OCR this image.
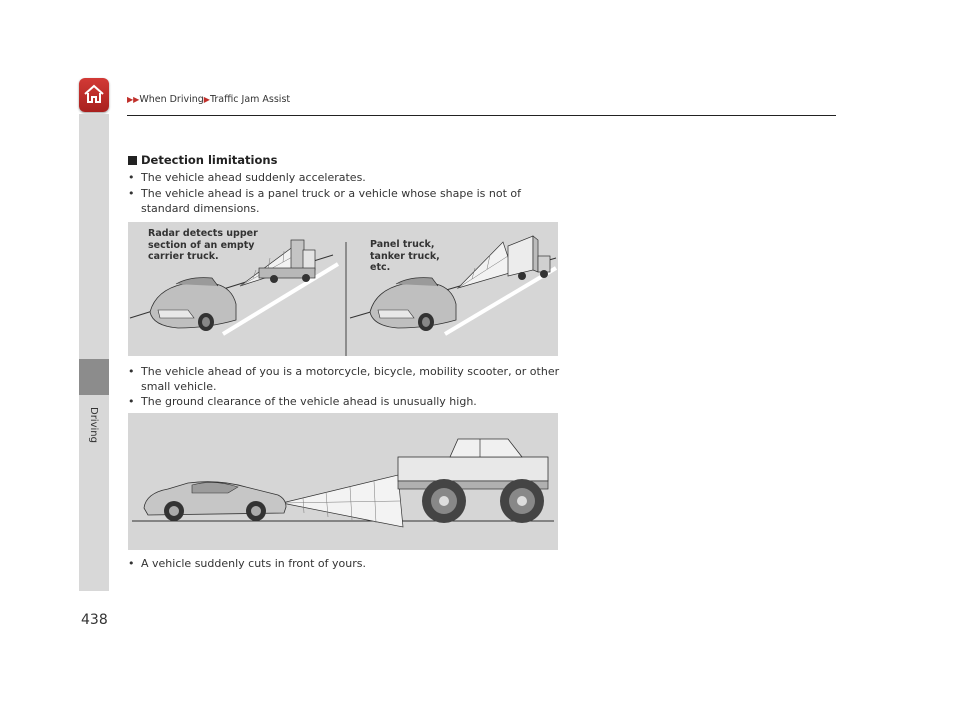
▶▶When Driving▶Traffic Jam Assist
Driving
438
Detection limitations
• The vehicle ahead suddenly accelerates.
• The vehicle ahead is a panel truck or a vehicle whose shape is not of standard dimensions.
Radar detects upper
section of an empty
carrier truck.
Panel truck,
tanker truck,
etc.
• The vehicle ahead of you is a motorcycle, bicycle, mobility scooter, or other small vehicle.
• The ground clearance of the vehicle ahead is unusually high.
• A vehicle suddenly cuts in front of yours.
